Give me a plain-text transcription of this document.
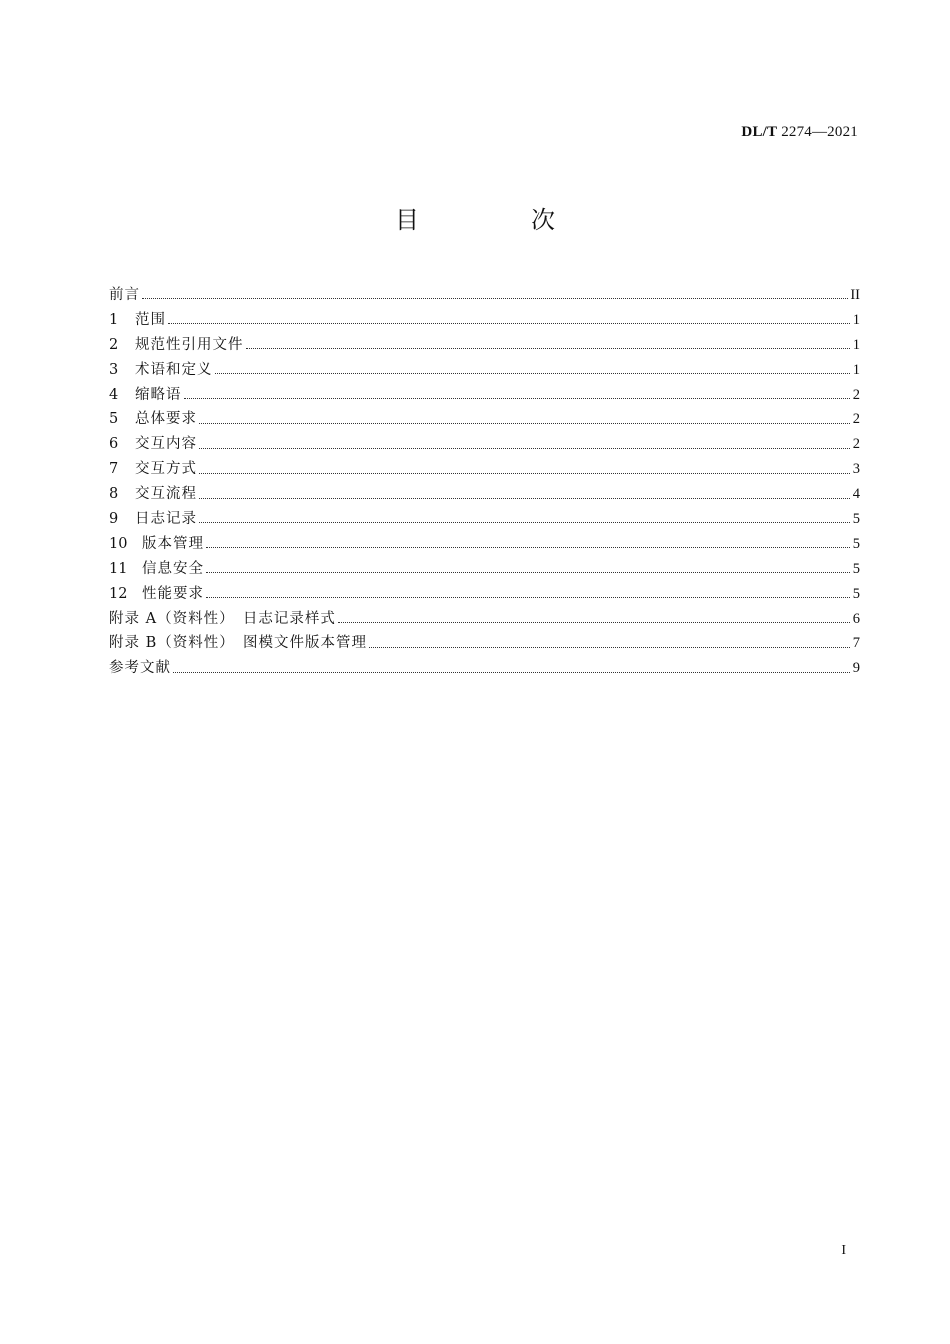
DL/T 2274—2021
目　次
前言	II
1	范围	1
2	规范性引用文件	1
3	术语和定义	1
4	缩略语	2
5	总体要求	2
6	交互内容	2
7	交互方式	3
8	交互流程	4
9	日志记录	5
10	版本管理	5
11	信息安全	5
12	性能要求	5
附录 A（资料性）　日志记录样式	6
附录 B（资料性）　图模文件版本管理	7
参考文献	9
I
